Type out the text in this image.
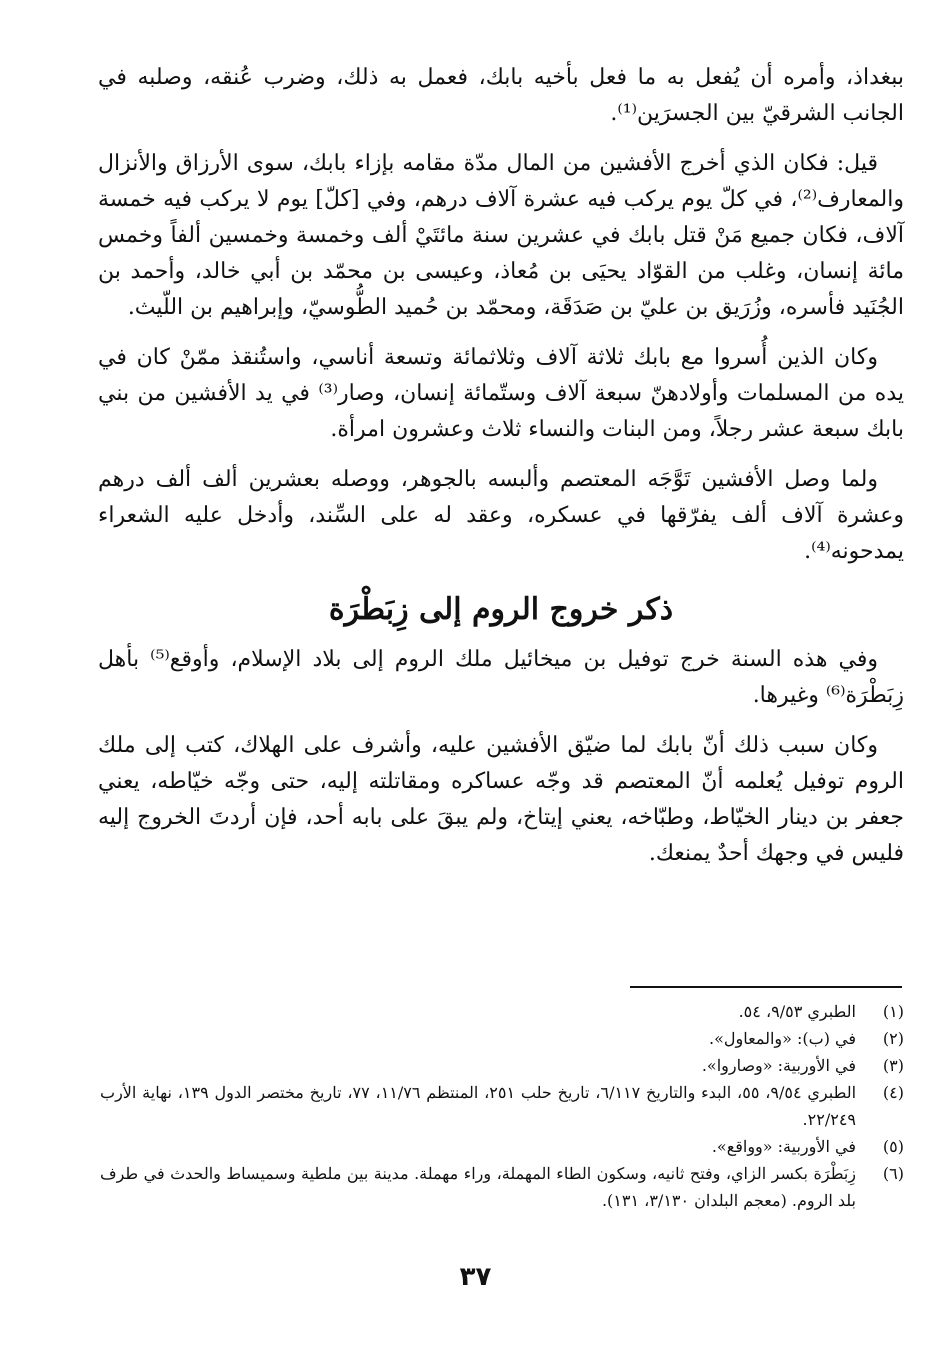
ببغداذ، وأمره أن يُفعل به ما فعل بأخيه بابك، فعمل به ذلك، وضرب عُنقه، وصلبه في الجانب الشرقيّ بين الجسرَين⁽¹⁾.

قيل: فكان الذي أخرج الأفشين من المال مدّة مقامه بإزاء بابك، سوى الأرزاق والأنزال والمعارف⁽²⁾، في كلّ يوم يركب فيه عشرة آلاف درهم، وفي [كلّ] يوم لا يركب فيه خمسة آلاف، فكان جميع مَنْ قتل بابك في عشرين سنة مائتَيْ ألف وخمسة وخمسين ألفاً وخمس مائة إنسان، وغلب من القوّاد يحيَى بن مُعاذ، وعيسى بن محمّد بن أبي خالد، وأحمد بن الجُنَيد فأسره، وزُرَيق بن عليّ بن صَدَقَة، ومحمّد بن حُميد الطُّوسيّ، وإبراهيم بن اللّيث.

وكان الذين أُسروا مع بابك ثلاثة آلاف وثلاثمائة وتسعة أناسي، واستُنقذ ممّنْ كان في يده من المسلمات وأولادهنّ سبعة آلاف وستّمائة إنسان، وصار⁽³⁾ في يد الأفشين من بني بابك سبعة عشر رجلاً، ومن البنات والنساء ثلاث وعشرون امرأة.

ولما وصل الأفشين تَوَّجَه المعتصم وألبسه بالجوهر، ووصله بعشرين ألف ألف درهم وعشرة آلاف ألف يفرّقها في عسكره، وعقد له على السِّند، وأدخل عليه الشعراء يمدحونه⁽⁴⁾.

ذكر خروج الروم إلى زِبَطْرَة

وفي هذه السنة خرج توفيل بن ميخائيل ملك الروم إلى بلاد الإسلام، وأوقع⁽⁵⁾ بأهل زِبَطْرَة⁽⁶⁾ وغيرها.

وكان سبب ذلك أنّ بابك لما ضيّق الأفشين عليه، وأشرف على الهلاك، كتب إلى ملك الروم توفيل يُعلمه أنّ المعتصم قد وجّه عساكره ومقاتلته إليه، حتى وجّه خيّاطه، يعني جعفر بن دينار الخيّاط، وطبّاخه، يعني إيتاخ، ولم يبقَ على بابه أحد، فإن أردتَ الخروج إليه فليس في وجهك أحدٌ يمنعك.

(١)
الطبري ٩/٥٣، ٥٤.
(٢)
في (ب): «والمعاول».
(٣)
في الأوربية: «وصاروا».
(٤)
الطبري ٩/٥٤، ٥٥، البدء والتاريخ ٦/١١٧، تاريخ حلب ٢٥١، المنتظم ١١/٧٦، ٧٧، تاريخ مختصر الدول ١٣٩، نهاية الأرب ٢٢/٢٤٩.
(٥)
في الأوربية: «وواقع».
(٦)
زِبَطْرَة بكسر الزاي، وفتح ثانيه، وسكون الطاء المهملة، وراء مهملة. مدينة بين ملطية وسميساط والحدث في طرف بلد الروم. (معجم البلدان ٣/١٣٠، ١٣١).
٣٧
